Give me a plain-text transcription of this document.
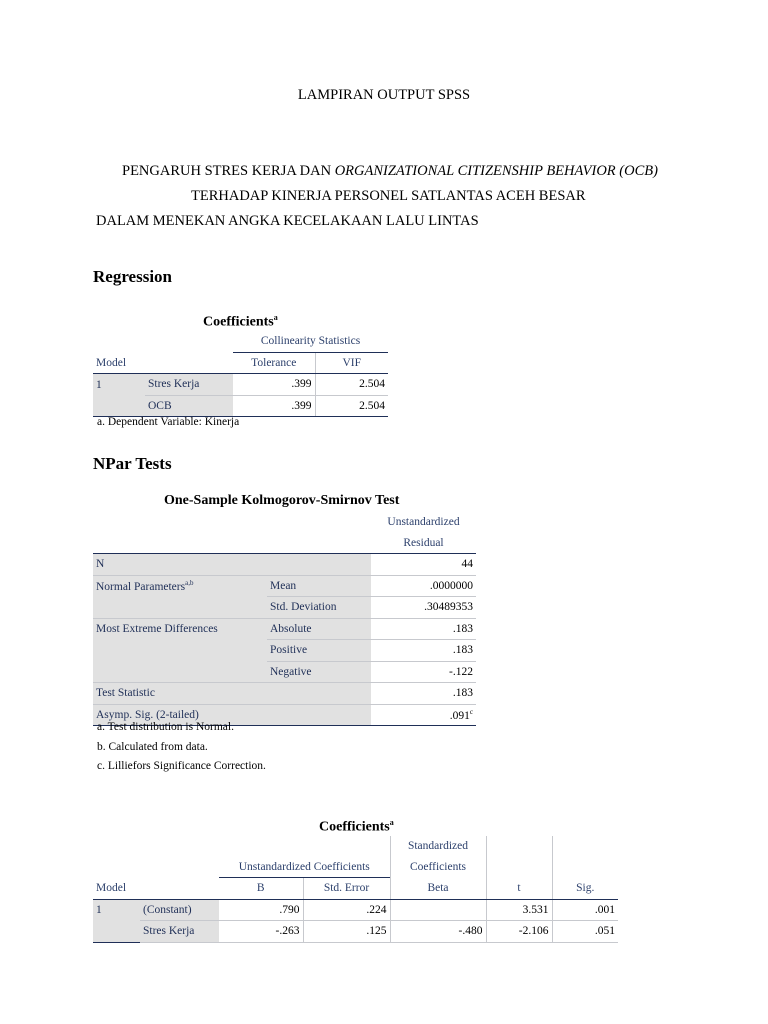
LAMPIRAN OUTPUT SPSS
PENGARUH STRES KERJA DAN ORGANIZATIONAL CITIZENSHIP BEHAVIOR (OCB)
TERHADAP KINERJA PERSONEL SATLANTAS ACEH BESAR
DALAM MENEKAN ANGKA KECELAKAAN LALU LINTAS
Regression
Coefficients$^a$
		Collinearity Statistics	
Model		Tolerance	VIF
1	Stres Kerja	.399	2.504
	OCB	.399	2.504
a. Dependent Variable: Kinerja
NPar Tests
One-Sample Kolmogorov-Smirnov Test
		Unstandardized
		Residual
N		44
Normal Parameters$^{a,b}$	Mean	.0000000
	Std. Deviation	.30489353
Most Extreme Differences	Absolute	.183
	Positive	.183
	Negative	-.122
Test Statistic		.183
Asymp. Sig. (2-tailed)		.091$^c$
a. Test distribution is Normal.
b. Calculated from data.
c. Lilliefors Significance Correction.
Coefficients$^a$
				Standardized		
		Unstandardized Coefficients		Coefficients		
Model		B	Std. Error	Beta	t	Sig.
1	(Constant)	.790	.224		3.531	.001
	Stres Kerja	-.263	.125	-.480	-2.106	.051
